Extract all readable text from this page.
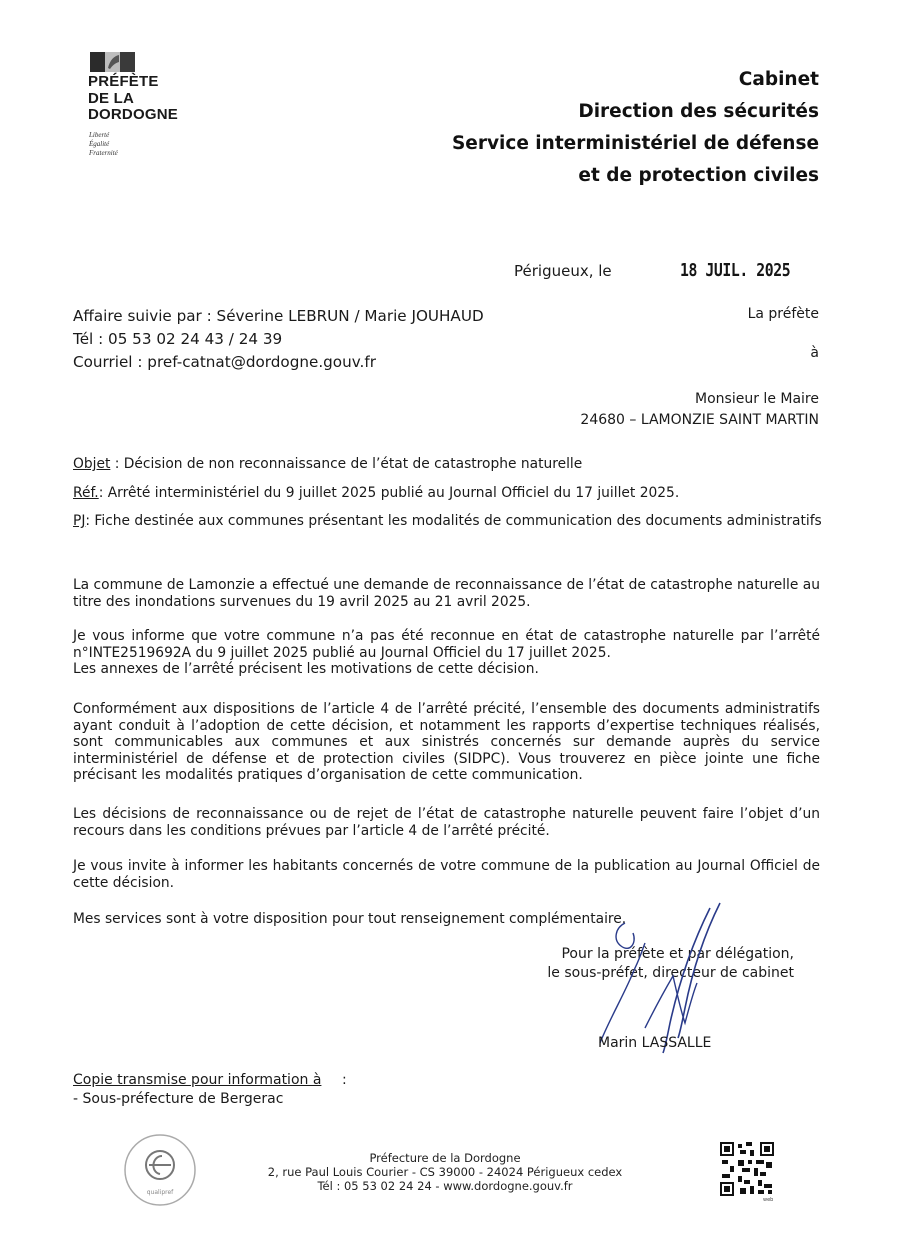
PRÉFÈTE
DE LA
DORDOGNE
Liberté
Égalité
Fraternité
Cabinet
Direction des sécurités
Service interministériel de défense
et de protection civiles
Périgueux, le	18 JUIL. 2025
Affaire suivie par : Séverine LEBRUN / Marie JOUHAUD
Tél : 05 53 02 24 43 / 24 39
Courriel : pref-catnat@dordogne.gouv.fr
La préfète
à
Monsieur le Maire
24680 – LAMONZIE SAINT MARTIN
Objet : Décision de non reconnaissance de l’état de catastrophe naturelle
Réf.: Arrêté interministériel du 9 juillet 2025 publié au Journal Officiel du 17 juillet 2025.
PJ: Fiche destinée aux communes présentant les modalités de communication des documents administratifs
La commune de Lamonzie a effectué une demande de reconnaissance de l’état de catastrophe naturelle au titre des inondations survenues du 19 avril 2025 au 21 avril 2025.
Je vous informe que votre commune n’a pas été reconnue en état de catastrophe naturelle par l’arrêté n°INTE2519692A du 9 juillet 2025 publié au Journal Officiel du 17 juillet 2025.
Les annexes de l’arrêté précisent les motivations de cette décision.
Conformément aux dispositions de l’article 4 de l’arrêté précité, l’ensemble des documents administratifs ayant conduit à l’adoption de cette décision, et notamment les rapports d’expertise techniques réalisés, sont communicables aux communes et aux sinistrés concernés sur demande auprès du service interministériel de défense et de protection civiles (SIDPC). Vous trouverez en pièce jointe une fiche précisant les modalités pratiques d’organisation de cette communication.
Les décisions de reconnaissance ou de rejet de l’état de catastrophe naturelle peuvent faire l’objet d’un recours dans les conditions prévues par l’article 4 de l’arrêté précité.
Je vous invite à informer les habitants concernés de votre commune de la publication au Journal Officiel de cette décision.
Mes services sont à votre disposition pour tout renseignement complémentaire.
Pour la préfète et par délégation,
le sous-préfet, directeur de cabinet
Marin LASSALLE
Copie transmise pour information à :
- Sous-préfecture de Bergerac
qualipref
Préfecture de la Dordogne
2, rue Paul Louis Courier - CS 39000 - 24024 Périgueux cedex
Tél : 05 53 02 24 24 - www.dordogne.gouv.fr
web
